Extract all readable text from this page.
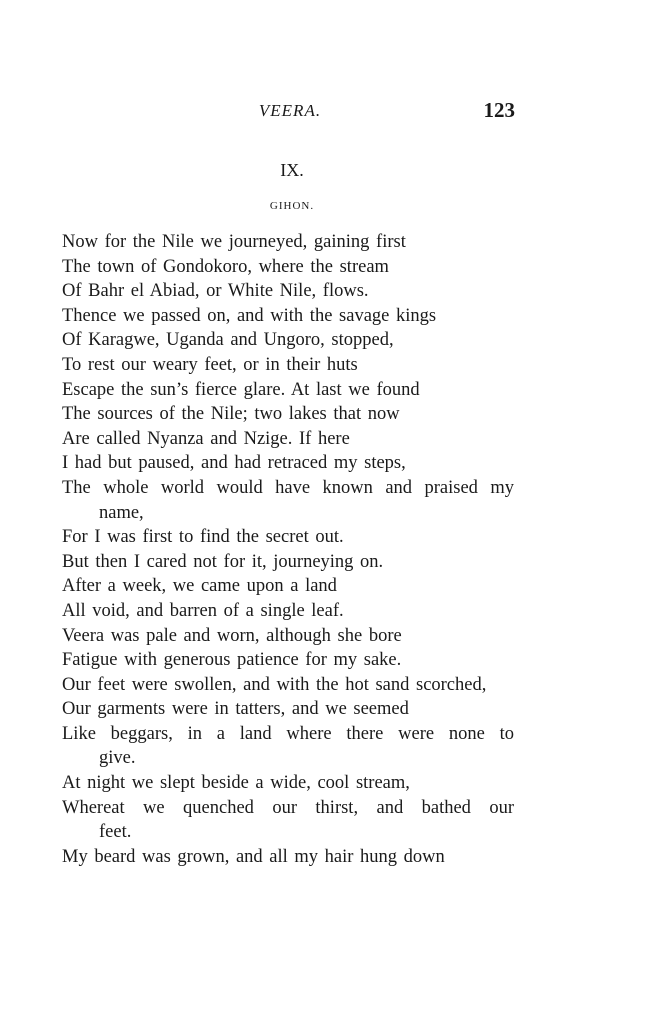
VEERA.	123
IX.
GIHON.
Now for the Nile we journeyed, gaining first
The town of Gondokoro, where the stream
Of Bahr el Abiad, or White Nile, flows.
Thence we passed on, and with the savage kings
Of Karagwe, Uganda and Ungoro, stopped,
To rest our weary feet, or in their huts
Escape the sun’s fierce glare. At last we found
The sources of the Nile; two lakes that now
Are called Nyanza and Nzige. If here
I had but paused, and had retraced my steps,
The whole world would have known and praised my
name,
For I was first to find the secret out.
But then I cared not for it, journeying on.
After a week, we came upon a land
All void, and barren of a single leaf.
Veera was pale and worn, although she bore
Fatigue with generous patience for my sake.
Our feet were swollen, and with the hot sand scorched,
Our garments were in tatters, and we seemed
Like beggars, in a land where there were none to
give.
At night we slept beside a wide, cool stream,
Whereat we quenched our thirst, and bathed our
feet.
My beard was grown, and all my hair hung down
